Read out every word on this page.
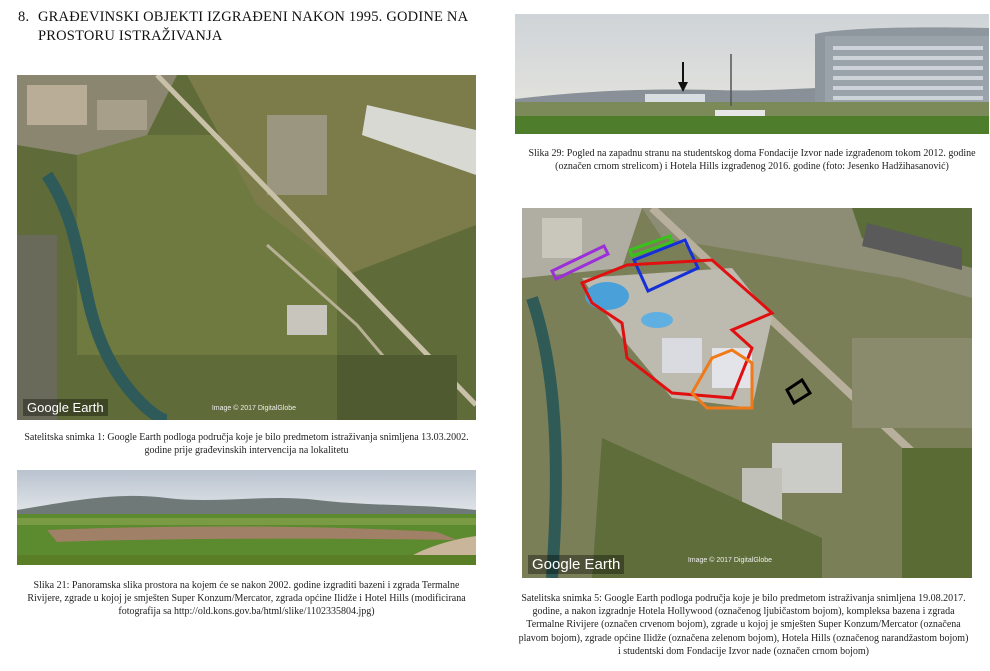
8. GRAĐEVINSKI OBJEKTI IZGRAĐENI NAKON 1995. GODINE NA
PROSTORU ISTRAŽIVANJA
Google Earth	Image © 2017 DigitalGlobe
Satelitska snimka 1: Google Earth podloga područja koje je bilo predmetom istraživanja snimljena 13.03.2002.
godine prije građevinskih intervencija na lokalitetu
Slika 21: Panoramska slika prostora na kojem će se nakon 2002. godine izgraditi bazeni i zgrada Termalne
Rivijere, zgrade u kojoj je smješten Super Konzum/Mercator, zgrada općine Ilidže i Hotel Hills (modificirana
fotografija sa http://old.kons.gov.ba/html/slike/1102335804.jpg)
Slika 29: Pogled na zapadnu stranu na studentskog doma Fondacije Izvor nade izgrađenom tokom 2012. godine
(označen crnom strelicom) i Hotela Hills izgrađenog 2016. godine (foto: Jesenko Hadžihasanović)
Google Earth	Image © 2017 DigitalGlobe
Satelitska snimka 5: Google Earth podloga područja koje je bilo predmetom istraživanja snimljena 19.08.2017.
godine, a nakon izgradnje Hotela Hollywood (označenog ljubičastom bojom), kompleksa bazena i zgrada
Termalne Rivijere (označen crvenom bojom), zgrade u kojoj je smješten Super Konzum/Mercator (označena
plavom bojom), zgrade općine Ilidže (označena zelenom bojom), Hotela Hills (označenog narandžastom bojom)
i studentski dom Fondacije Izvor nade (označen crnom bojom)
